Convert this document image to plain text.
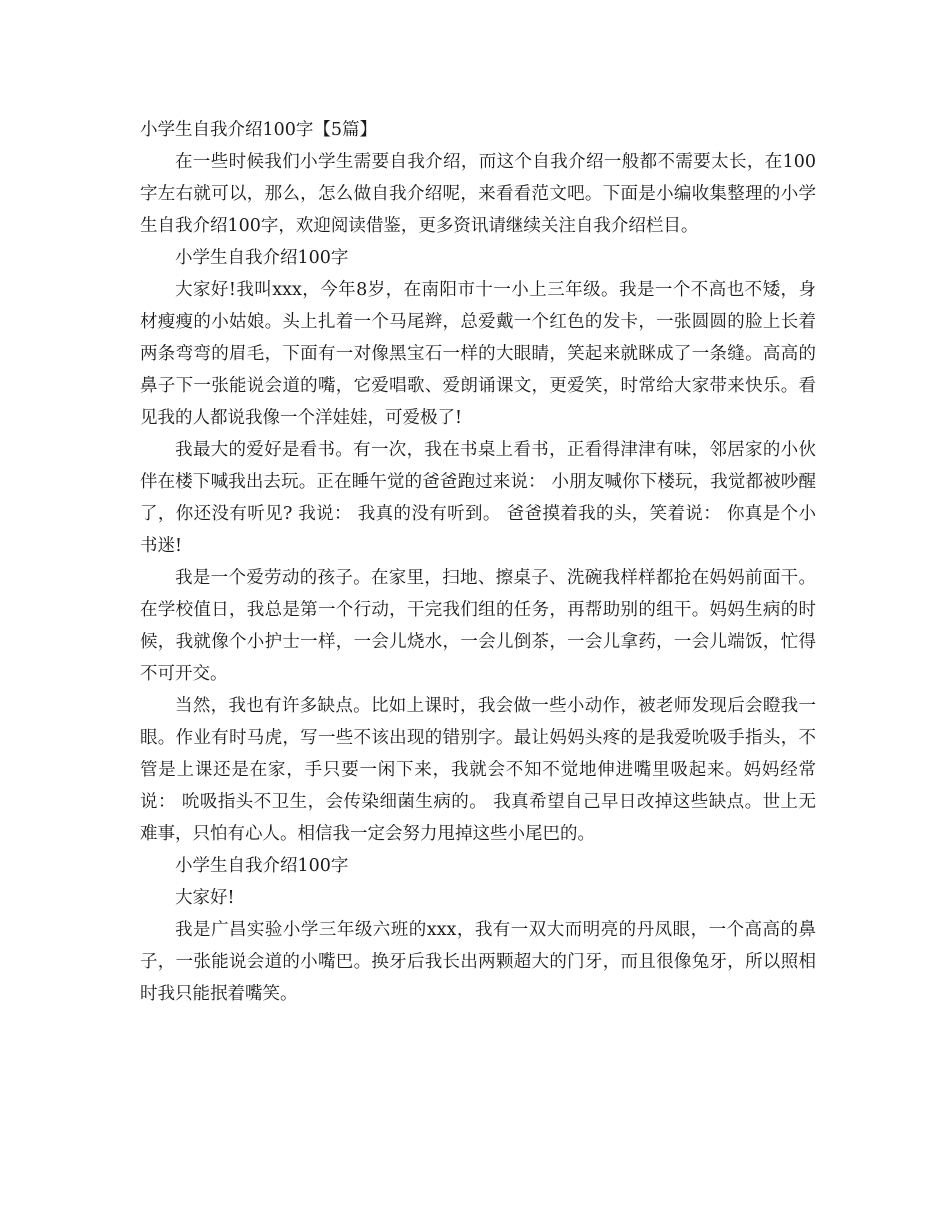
小学生自我介绍100字【5篇】

在一些时候我们小学生需要自我介绍，而这个自我介绍一般都不需要太长，在100字左右就可以，那么，怎么做自我介绍呢，来看看范文吧。下面是小编收集整理的小学生自我介绍100字，欢迎阅读借鉴，更多资讯请继续关注自我介绍栏目。

小学生自我介绍100字

大家好!我叫xxx，今年8岁，在南阳市十一小上三年级。我是一个不高也不矮，身材瘦瘦的小姑娘。头上扎着一个马尾辫，总爱戴一个红色的发卡，一张圆圆的脸上长着两条弯弯的眉毛，下面有一对像黑宝石一样的大眼睛，笑起来就眯成了一条缝。高高的鼻子下一张能说会道的嘴，它爱唱歌、爱朗诵课文，更爱笑，时常给大家带来快乐。看见我的人都说我像一个洋娃娃，可爱极了!

我最大的爱好是看书。有一次，我在书桌上看书，正看得津津有味，邻居家的小伙伴在楼下喊我出去玩。正在睡午觉的爸爸跑过来说： 小朋友喊你下楼玩，我觉都被吵醒了，你还没有听见? 我说： 我真的没有听到。 爸爸摸着我的头，笑着说： 你真是个小书迷!

我是一个爱劳动的孩子。在家里，扫地、擦桌子、洗碗我样样都抢在妈妈前面干。在学校值日，我总是第一个行动，干完我们组的任务，再帮助别的组干。妈妈生病的时候，我就像个小护士一样，一会儿烧水，一会儿倒茶，一会儿拿药，一会儿端饭，忙得不可开交。

当然，我也有许多缺点。比如上课时，我会做一些小动作，被老师发现后会瞪我一眼。作业有时马虎，写一些不该出现的错别字。最让妈妈头疼的是我爱吮吸手指头，不管是上课还是在家，手只要一闲下来，我就会不知不觉地伸进嘴里吸起来。妈妈经常说： 吮吸指头不卫生，会传染细菌生病的。 我真希望自己早日改掉这些缺点。世上无难事，只怕有心人。相信我一定会努力甩掉这些小尾巴的。

小学生自我介绍100字

大家好!

我是广昌实验小学三年级六班的xxx，我有一双大而明亮的丹凤眼，一个高高的鼻子，一张能说会道的小嘴巴。换牙后我长出两颗超大的门牙，而且很像兔牙，所以照相时我只能抿着嘴笑。
